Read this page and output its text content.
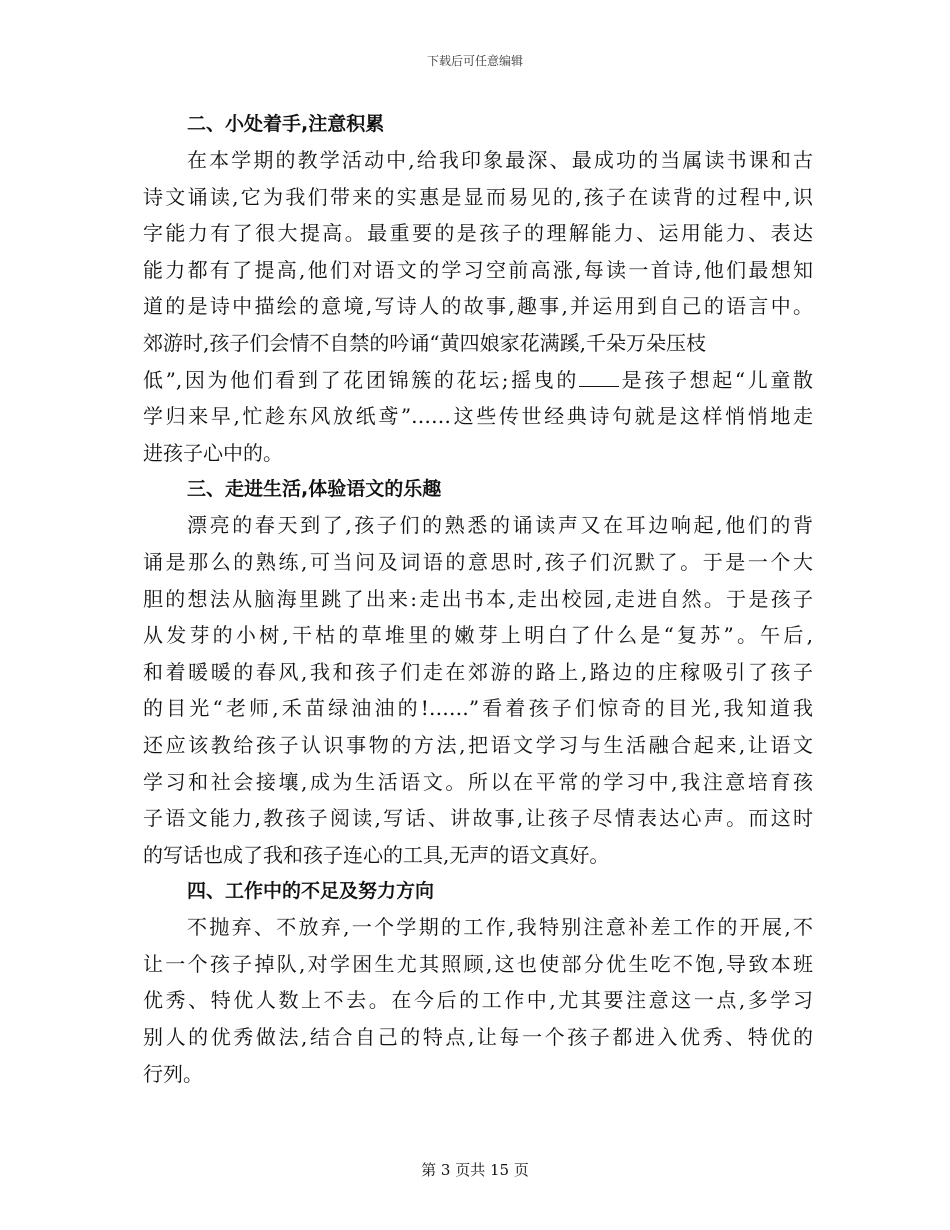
下载后可任意编辑
二、小处着手,注意积累
在本学期的教学活动中,给我印象最深、最成功的当属读书课和古
诗文诵读,它为我们带来的实惠是显而易见的,孩子在读背的过程中,识
字能力有了很大提高。最重要的是孩子的理解能力、运用能力、表达
能力都有了提高,他们对语文的学习空前高涨,每读一首诗,他们最想知
道的是诗中描绘的意境,写诗人的故事,趣事,并运用到自己的语言中。
郊游时,孩子们会情不自禁的吟诵“黄四娘家花满蹊,千朵万朵压枝
低”,因为他们看到了花团锦簇的花坛;摇曳的 是孩子想起“儿童散
学归来早,忙趁东风放纸鸢”……这些传世经典诗句就是这样悄悄地走
进孩子心中的。
三、走进生活,体验语文的乐趣
漂亮的春天到了,孩子们的熟悉的诵读声又在耳边响起,他们的背
诵是那么的熟练,可当问及词语的意思时,孩子们沉默了。于是一个大
胆的想法从脑海里跳了出来:走出书本,走出校园,走进自然。于是孩子
从发芽的小树,干枯的草堆里的嫩芽上明白了什么是“复苏”。午后,
和着暖暖的春风,我和孩子们走在郊游的路上,路边的庄稼吸引了孩子
的目光“老师,禾苗绿油油的!……”看着孩子们惊奇的目光,我知道我
还应该教给孩子认识事物的方法,把语文学习与生活融合起来,让语文
学习和社会接壤,成为生活语文。所以在平常的学习中,我注意培育孩
子语文能力,教孩子阅读,写话、讲故事,让孩子尽情表达心声。而这时
的写话也成了我和孩子连心的工具,无声的语文真好。
四、工作中的不足及努力方向
不抛弃、不放弃,一个学期的工作,我特别注意补差工作的开展,不
让一个孩子掉队,对学困生尤其照顾,这也使部分优生吃不饱,导致本班
优秀、特优人数上不去。在今后的工作中,尤其要注意这一点,多学习
别人的优秀做法,结合自己的特点,让每一个孩子都进入优秀、特优的
行列。
第 3 页共 15 页
